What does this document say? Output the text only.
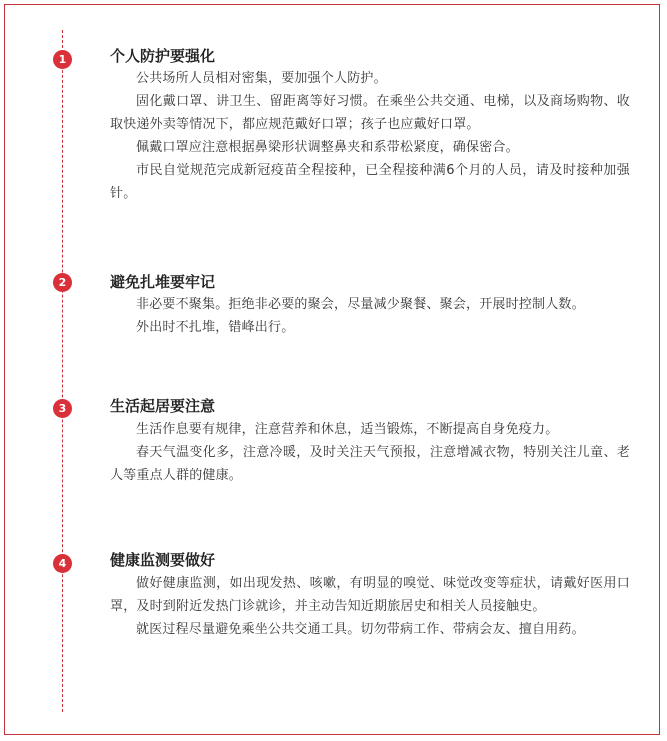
1	个人防护要强化

公共场所人员相对密集，要加强个人防护。

固化戴口罩、讲卫生、留距离等好习惯。在乘坐公共交通、电梯，以及商场购物、收取快递外卖等情况下，都应规范戴好口罩；孩子也应戴好口罩。

佩戴口罩应注意根据鼻梁形状调整鼻夹和系带松紧度，确保密合。

市民自觉规范完成新冠疫苗全程接种，已全程接种满6个月的人员，请及时接种加强针。

2	避免扎堆要牢记

非必要不聚集。拒绝非必要的聚会，尽量减少聚餐、聚会，开展时控制人数。

外出时不扎堆，错峰出行。

3	生活起居要注意

生活作息要有规律，注意营养和休息，适当锻炼，不断提高自身免疫力。

春天气温变化多，注意冷暖，及时关注天气预报，注意增减衣物，特别关注儿童、老人等重点人群的健康。

4	健康监测要做好

做好健康监测，如出现发热、咳嗽，有明显的嗅觉、味觉改变等症状，请戴好医用口罩，及时到附近发热门诊就诊，并主动告知近期旅居史和相关人员接触史。

就医过程尽量避免乘坐公共交通工具。切勿带病工作、带病会友、擅自用药。
